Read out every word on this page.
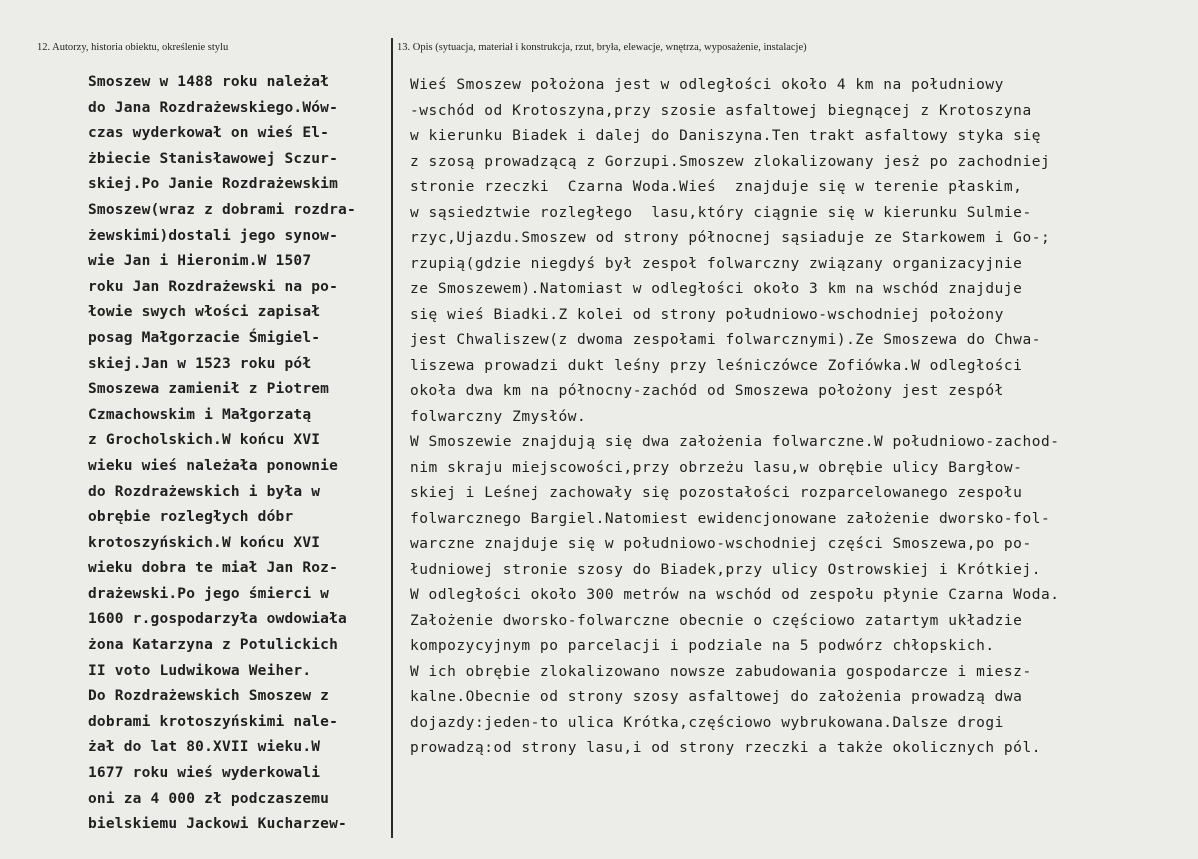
12. Autorzy, historia obiektu, określenie stylu	13. Opis (sytuacja, materiał i konstrukcja, rzut, bryła, elewacje, wnętrza, wyposażenie, instalacje)
Smoszew w 1488 roku należał
do Jana Rozdrażewskiego.Wów-
czas wyderkował on wieś El-
żbiecie Stanisławowej Sczur-
skiej.Po Janie Rozdrażewskim
Smoszew(wraz z dobrami rozdra-
żewskimi)dostali jego synow-
wie Jan i Hieronim.W 1507
roku Jan Rozdrażewski na po-
łowie swych włości zapisał
posag Małgorzacie Śmigiel-
skiej.Jan w 1523 roku pół
Smoszewa zamienił z Piotrem
Czmachowskim i Małgorzatą
z Grocholskich.W końcu XVI
wieku wieś należała ponownie
do Rozdrażewskich i była w
obrębie rozległych dóbr
krotoszyńskich.W końcu XVI
wieku dobra te miał Jan Roz-
drażewski.Po jego śmierci w
1600 r.gospodarzyła owdowiała
żona Katarzyna z Potulickich
II voto Ludwikowa Weiher.
Do Rozdrażewskich Smoszew z
dobrami krotoszyńskimi nale-
żał do lat 80.XVII wieku.W
1677 roku wieś wyderkowali
oni za 4 000 zł podczaszemu
bielskiemu Jackowi Kucharzew-
Wieś Smoszew położona jest w odległości około 4 km na południowy
-wschód od Krotoszyna,przy szosie asfaltowej biegnącej z Krotoszyna
w kierunku Biadek i dalej do Daniszyna.Ten trakt asfaltowy styka się
z szosą prowadzącą z Gorzupi.Smoszew zlokalizowany jesż po zachodniej
stronie rzeczki  Czarna Woda.Wieś  znajduje się w terenie płaskim,
w sąsiedztwie rozległego  lasu,który ciągnie się w kierunku Sulmie-
rzyc,Ujazdu.Smoszew od strony północnej sąsiaduje ze Starkowem i Go-;
rzupią(gdzie niegdyś był zespoł folwarczny związany organizacyjnie
ze Smoszewem).Natomiast w odległości około 3 km na wschód znajduje
się wieś Biadki.Z kolei od strony południowo-wschodniej położony
jest Chwaliszew(z dwoma zespołami folwarcznymi).Ze Smoszewa do Chwa-
liszewa prowadzi dukt leśny przy leśniczówce Zofiówka.W odległości
okoła dwa km na północny-zachód od Smoszewa położony jest zespół
folwarczny Zmysłów.
W Smoszewie znajdują się dwa założenia folwarczne.W południowo-zachod-
nim skraju miejscowości,przy obrzeżu lasu,w obrębie ulicy Bargłow-
skiej i Leśnej zachowały się pozostałości rozparcelowanego zespołu
folwarcznego Bargiel.Natomiest ewidencjonowane założenie dworsko-fol-
warczne znajduje się w południowo-wschodniej części Smoszewa,po po-
łudniowej stronie szosy do Biadek,przy ulicy Ostrowskiej i Krótkiej.
W odległości około 300 metrów na wschód od zespołu płynie Czarna Woda.
Założenie dworsko-folwarczne obecnie o częściowo zatartym układzie
kompozycyjnym po parcelacji i podziale na 5 podwórz chłopskich.
W ich obrębie zlokalizowano nowsze zabudowania gospodarcze i miesz-
kalne.Obecnie od strony szosy asfaltowej do założenia prowadzą dwa
dojazdy:jeden-to ulica Krótka,częściowo wybrukowana.Dalsze drogi
prowadzą:od strony lasu,i od strony rzeczki a także okolicznych pól.
